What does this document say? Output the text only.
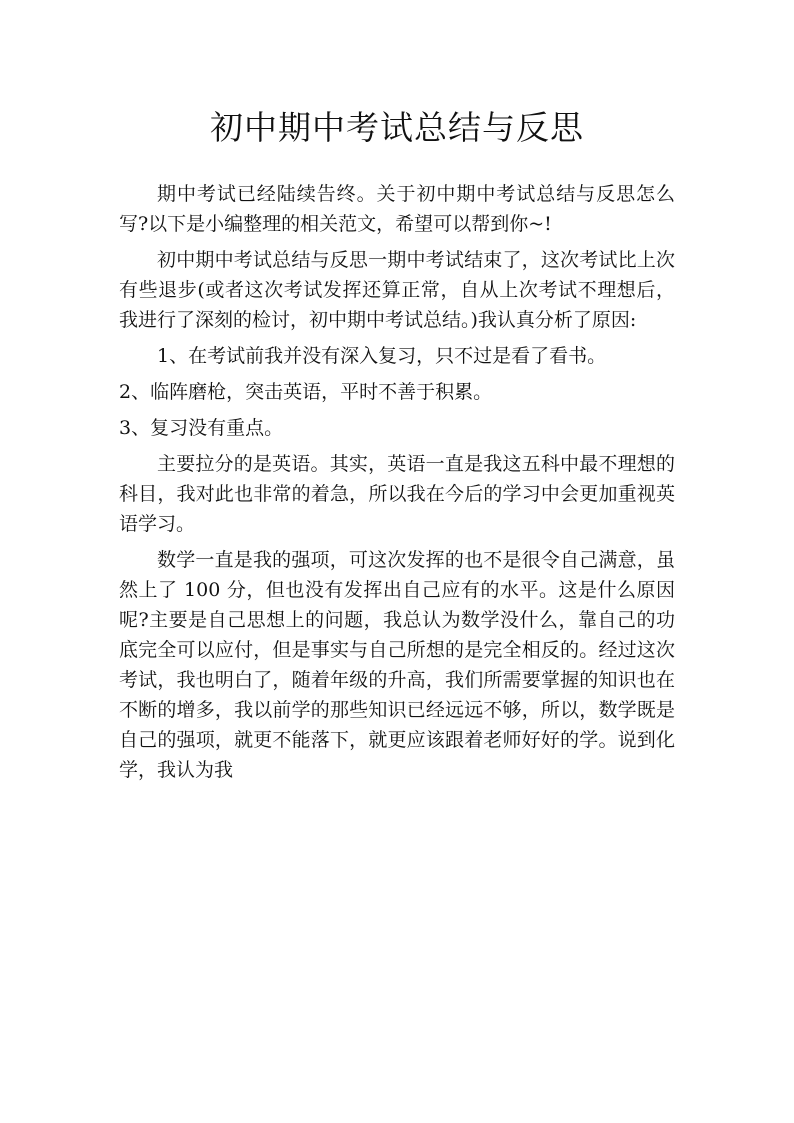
初中期中考试总结与反思

期中考试已经陆续告终。关于初中期中考试总结与反思怎么写?以下是小编整理的相关范文，希望可以帮到你~!

初中期中考试总结与反思一期中考试结束了，这次考试比上次有些退步(或者这次考试发挥还算正常，自从上次考试不理想后，我进行了深刻的检讨，初中期中考试总结。)我认真分析了原因:

1、在考试前我并没有深入复习，只不过是看了看书。

2、临阵磨枪，突击英语，平时不善于积累。

3、复习没有重点。

主要拉分的是英语。其实，英语一直是我这五科中最不理想的科目，我对此也非常的着急，所以我在今后的学习中会更加重视英语学习。

数学一直是我的强项，可这次发挥的也不是很令自己满意，虽然上了 100 分，但也没有发挥出自己应有的水平。这是什么原因呢?主要是自己思想上的问题，我总认为数学没什么，靠自己的功底完全可以应付，但是事实与自己所想的是完全相反的。经过这次考试，我也明白了，随着年级的升高，我们所需要掌握的知识也在不断的增多，我以前学的那些知识已经远远不够，所以，数学既是自己的强项，就更不能落下，就更应该跟着老师好好的学。说到化学，我认为我
